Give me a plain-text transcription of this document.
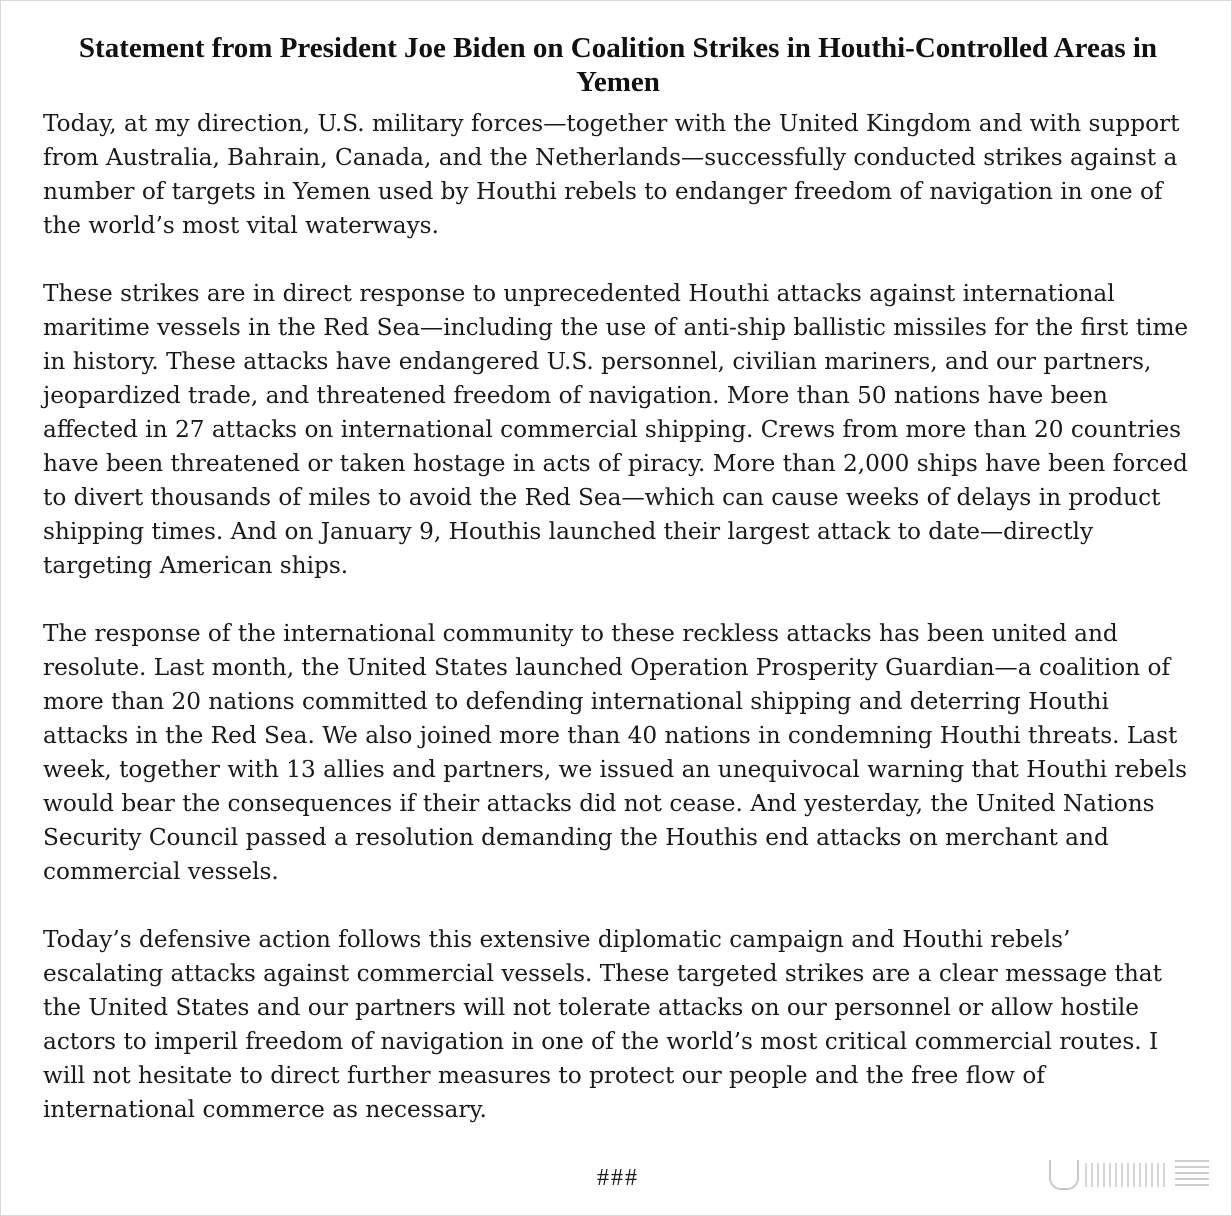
Statement from President Joe Biden on Coalition Strikes in Houthi-Controlled Areas in Yemen

Today, at my direction, U.S. military forces—together with the United Kingdom and with support from Australia, Bahrain, Canada, and the Netherlands—successfully conducted strikes against a number of targets in Yemen used by Houthi rebels to endanger freedom of navigation in one of the world’s most vital waterways.

These strikes are in direct response to unprecedented Houthi attacks against international maritime vessels in the Red Sea—including the use of anti-ship ballistic missiles for the first time in history. These attacks have endangered U.S. personnel, civilian mariners, and our partners, jeopardized trade, and threatened freedom of navigation. More than 50 nations have been affected in 27 attacks on international commercial shipping. Crews from more than 20 countries have been threatened or taken hostage in acts of piracy. More than 2,000 ships have been forced to divert thousands of miles to avoid the Red Sea—which can cause weeks of delays in product shipping times. And on January 9, Houthis launched their largest attack to date—directly targeting American ships.

The response of the international community to these reckless attacks has been united and resolute. Last month, the United States launched Operation Prosperity Guardian—a coalition of more than 20 nations committed to defending international shipping and deterring Houthi attacks in the Red Sea. We also joined more than 40 nations in condemning Houthi threats. Last week, together with 13 allies and partners, we issued an unequivocal warning that Houthi rebels would bear the consequences if their attacks did not cease. And yesterday, the United Nations Security Council passed a resolution demanding the Houthis end attacks on merchant and commercial vessels.

Today’s defensive action follows this extensive diplomatic campaign and Houthi rebels’ escalating attacks against commercial vessels. These targeted strikes are a clear message that the United States and our partners will not tolerate attacks on our personnel or allow hostile actors to imperil freedom of navigation in one of the world’s most critical commercial routes. I will not hesitate to direct further measures to protect our people and the free flow of international commerce as necessary.

###
